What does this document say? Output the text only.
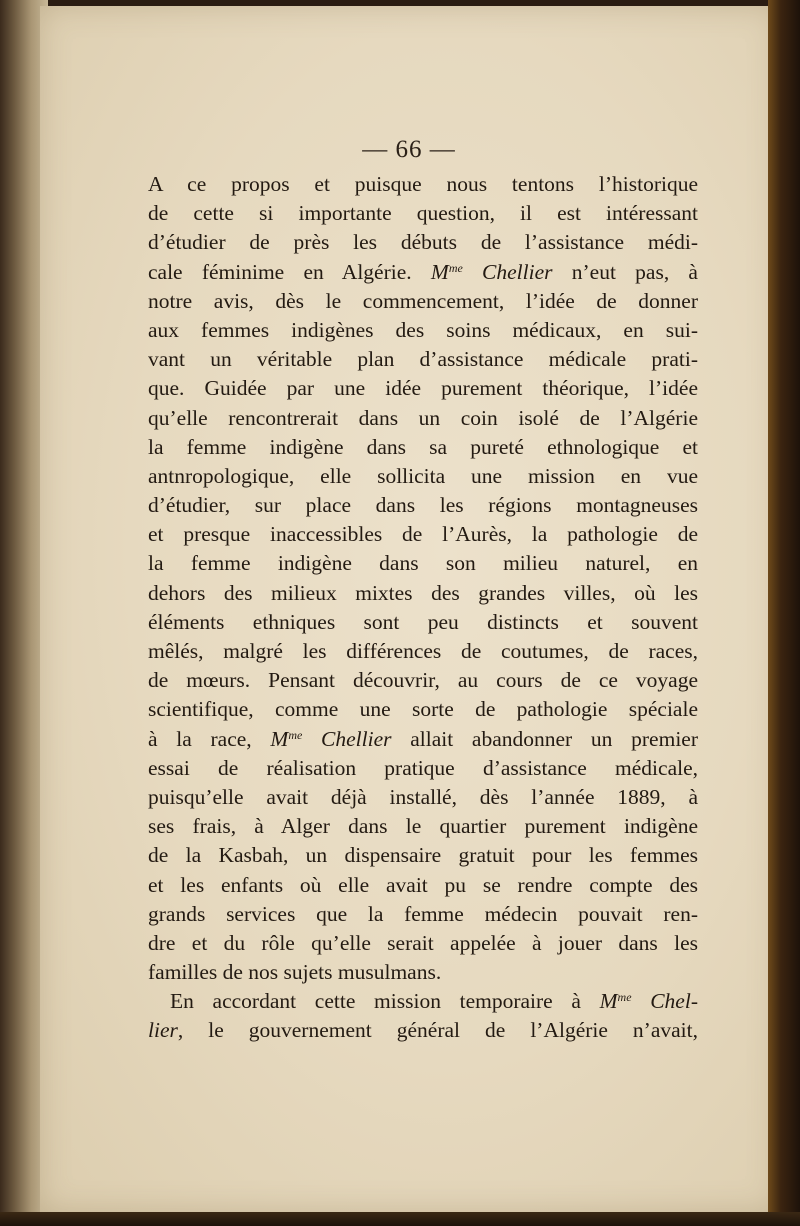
— 66 —
A ce propos et puisque nous tentons l’historique
de cette si importante question, il est intéressant
d’étudier de près les débuts de l’assistance médi-
cale féminime en Algérie. $M^{me}$ Chellier n’eut pas, à
notre avis, dès le commencement, l’idée de donner
aux femmes indigènes des soins médicaux, en sui-
vant un véritable plan d’assistance médicale prati-
que. Guidée par une idée purement théorique, l’idée
qu’elle rencontrerait dans un coin isolé de l’Algérie
la femme indigène dans sa pureté ethnologique et
antnropologique, elle sollicita une mission en vue
d’étudier, sur place dans les régions montagneuses
et presque inaccessibles de l’Aurès, la pathologie de
la femme indigène dans son milieu naturel, en
dehors des milieux mixtes des grandes villes, où les
éléments ethniques sont peu distincts et souvent
mêlés, malgré les différences de coutumes, de races,
de mœurs. Pensant découvrir, au cours de ce voyage
scientifique, comme une sorte de pathologie spéciale
à la race, $M^{me}$ Chellier allait abandonner un premier
essai de réalisation pratique d’assistance médicale,
puisqu’elle avait déjà installé, dès l’année 1889, à
ses frais, à Alger dans le quartier purement indigène
de la Kasbah, un dispensaire gratuit pour les femmes
et les enfants où elle avait pu se rendre compte des
grands services que la femme médecin pouvait ren-
dre et du rôle qu’elle serait appelée à jouer dans les
familles de nos sujets musulmans.
En accordant cette mission temporaire à $M^{me}$ Chel-
lier, le gouvernement général de l’Algérie n’avait,
